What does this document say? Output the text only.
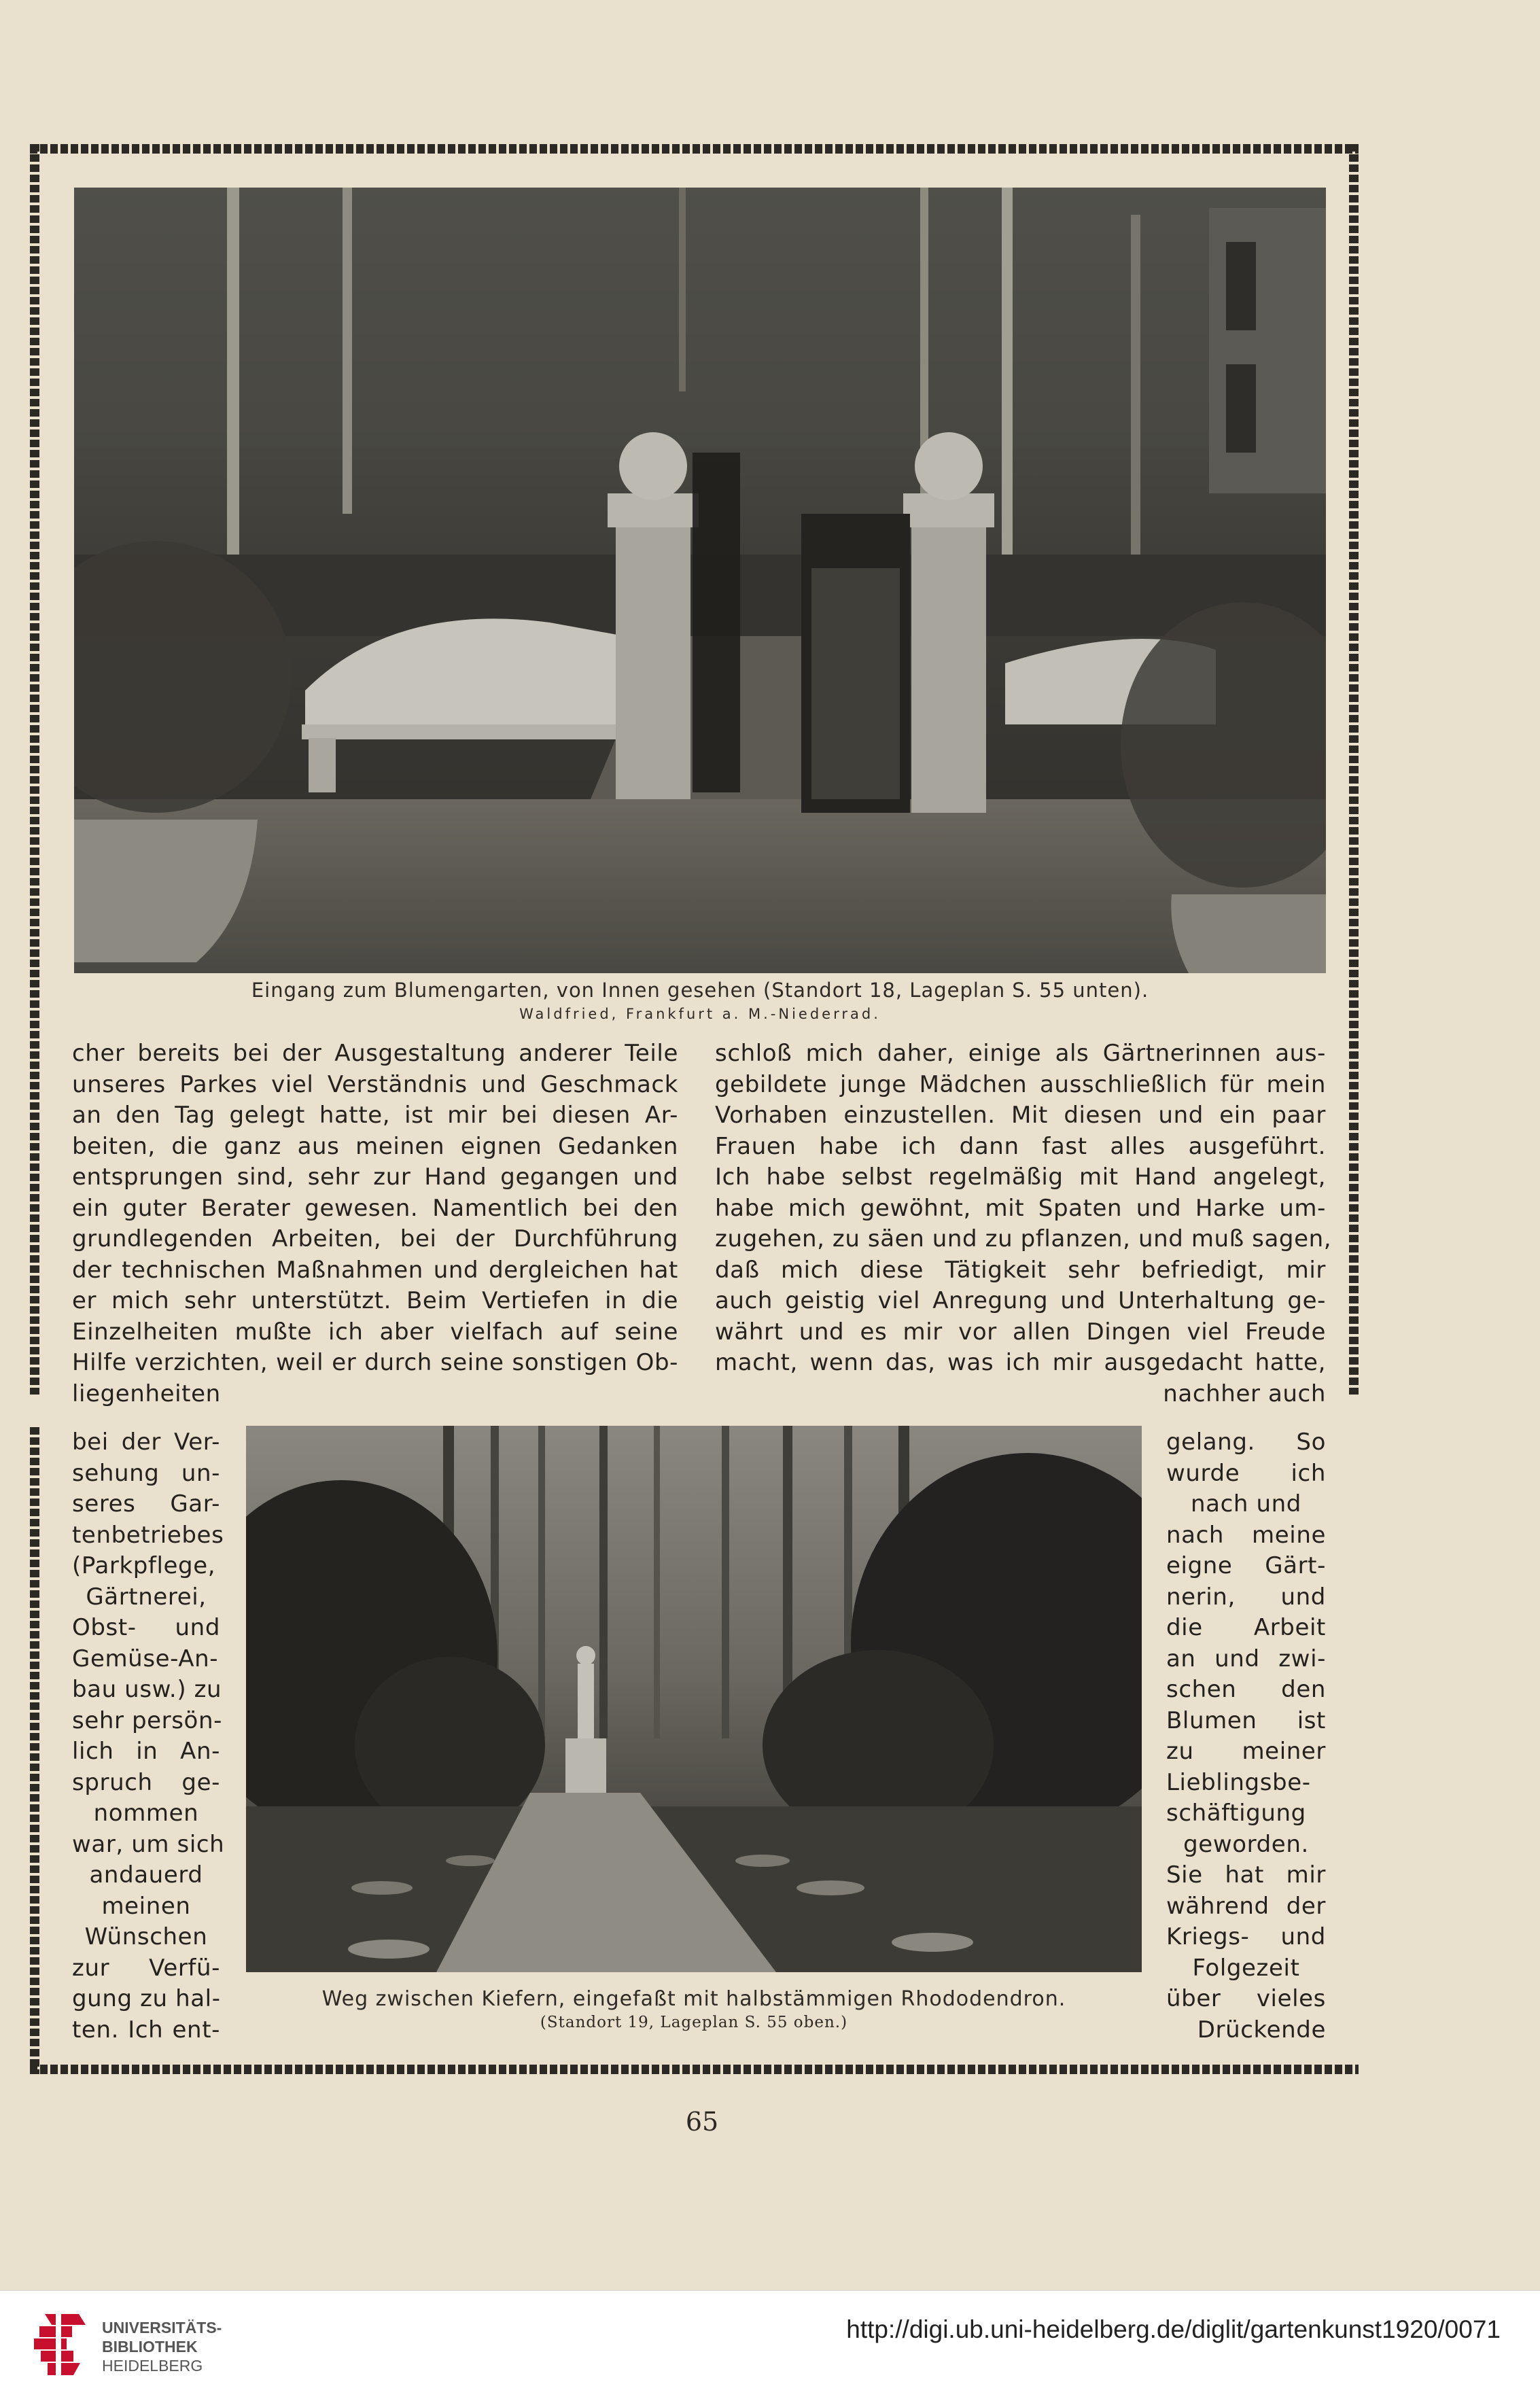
Eingang zum Blumengarten, von Innen gesehen (Standort 18, Lageplan S. 55 unten).
Waldfried, Frankfurt a. M.-Niederrad.
cher bereits bei der Ausgestaltung anderer Teile
unseres Parkes viel Verständnis und Geschmack
an den Tag gelegt hatte, ist mir bei diesen Ar-
beiten, die ganz aus meinen eignen Gedanken
entsprungen sind, sehr zur Hand gegangen und
ein guter Berater gewesen. Namentlich bei den
grundlegenden Arbeiten, bei der Durchführung
der technischen Maßnahmen und dergleichen hat
er mich sehr unterstützt. Beim Vertiefen in die
Einzelheiten mußte ich aber vielfach auf seine
Hilfe verzichten, weil er durch seine sonstigen Ob-
liegenheiten
schloß mich daher, einige als Gärtnerinnen aus-
gebildete junge Mädchen ausschließlich für mein
Vorhaben einzustellen. Mit diesen und ein paar
Frauen habe ich dann fast alles ausgeführt.
Ich habe selbst regelmäßig mit Hand angelegt,
habe mich gewöhnt, mit Spaten und Harke um-
zugehen, zu säen und zu pflanzen, und muß sagen,
daß mich diese Tätigkeit sehr befriedigt, mir
auch geistig viel Anregung und Unterhaltung ge-
währt und es mir vor allen Dingen viel Freude
macht, wenn das, was ich mir ausgedacht hatte,
nachher auch
bei der Ver-
sehung un-
seres Gar-
tenbetriebes
(Parkpflege,
Gärtnerei,
Obst- und
Gemüse-An-
bau usw.) zu
sehr persön-
lich in An-
spruch ge-
nommen
war, um sich
andauerd
meinen
Wünschen
zur Verfü-
gung zu hal-
ten. Ich ent-
gelang. So
wurde ich
nach und
nach meine
eigne Gärt-
nerin, und
die Arbeit
an und zwi-
schen den
Blumen ist
zu meiner
Lieblingsbe-
schäftigung
geworden.
Sie hat mir
während der
Kriegs- und
Folgezeit
über vieles
Drückende
Weg zwischen Kiefern, eingefaßt mit halbstämmigen Rhododendron.
(Standort 19, Lageplan S. 55 oben.)
65
UNIVERSITÄTS-
BIBLIOTHEK
HEIDELBERG
http://digi.ub.uni-heidelberg.de/diglit/gartenkunst1920/0071
